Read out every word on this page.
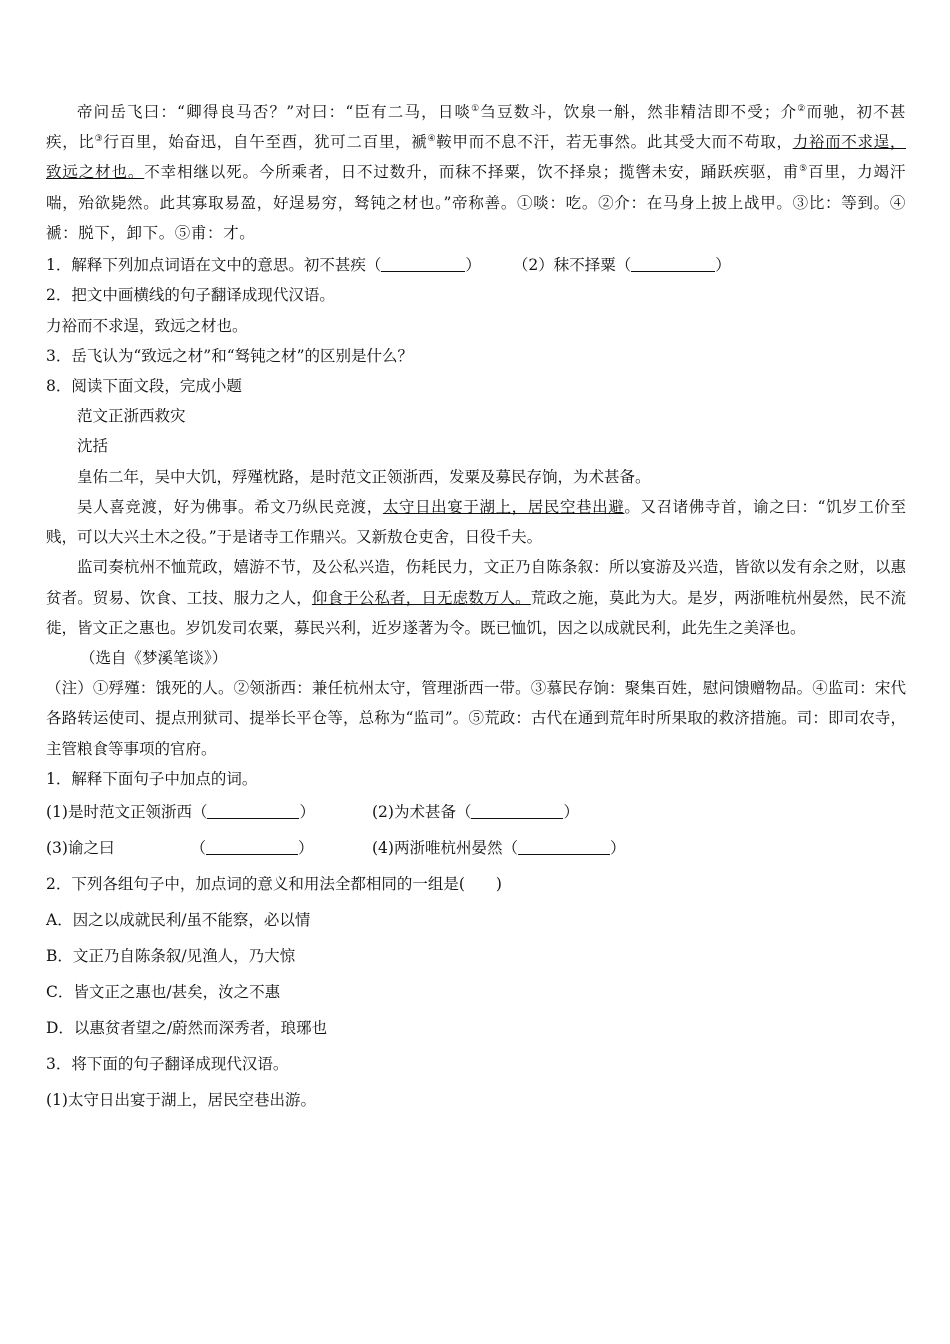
帝问岳飞曰：“卿得良马否？”对曰：“臣有二马，日啖①刍豆数斗，饮泉一斛，然非精洁即不受；介②而驰，初不甚疾，比③行百里，始奋迅，自午至酉，犹可二百里，褫④鞍甲而不息不汗，若无事然。此其受大而不苟取，力裕而不求逞，致远之材也。不幸相继以死。今所乘者，日不过数升，而秣不择粟，饮不择泉；揽辔未安，踊跃疾驱，甫⑤百里，力竭汗喘，殆欲毙然。此其寡取易盈，好逞易穷，驽钝之材也。”帝称善。①啖：吃。②介：在马身上披上战甲。③比：等到。④褫：脱下，卸下。⑤甫：才。

1．解释下列加点词语在文中的意思。初不甚疾（	） （2）秣不择粟（	）

2．把文中画横线的句子翻译成现代汉语。

力裕而不求逞，致远之材也。

3．岳飞认为“致远之材”和“驽钝之材”的区别是什么？

8．阅读下面文段，完成小题

范文正浙西救灾

沈括

皇佑二年，吴中大饥，殍殣枕路，是时范文正领浙西，发粟及募民存饷，为术甚备。

吴人喜竞渡，好为佛事。希文乃纵民竞渡，太守日出宴于湖上，居民空巷出避。又召诸佛寺首，谕之曰：“饥岁工价至贱，可以大兴土木之役。”于是诸寺工作鼎兴。又新敖仓吏舍，日役千夫。

监司奏杭州不恤荒政，嬉游不节，及公私兴造，伤耗民力，文正乃自陈条叙：所以宴游及兴造，皆欲以发有余之财，以惠贫者。贸易、饮食、工技、服力之人，仰食于公私者，日无虑数万人。荒政之施，莫此为大。是岁，两浙唯杭州晏然，民不流徙，皆文正之惠也。岁饥发司农粟，募民兴利，近岁遂著为令。既已恤饥，因之以成就民利，此先生之美泽也。

（选自《梦溪笔谈》）

（注）①殍殣：饿死的人。②领浙西：兼任杭州太守，管理浙西一带。③慕民存饷：聚集百姓，慰问馈赠物品。④监司：宋代各路转运使司、提点刑狱司、提举长平仓等，总称为“监司”。⑤荒政：古代在通到荒年时所果取的救济措施。司：即司农寺，主管粮食等事项的官府。

1．解释下面句子中加点的词。

(1)是时范文正领浙西（	）	(2)为术甚备（	）
(3)谕之曰	（	）	(4)两浙唯杭州晏然（	）

2．下列各组句子中，加点词的意义和用法全都相同的一组是(　　)

A．因之以成就民利/虽不能察，必以情

B．文正乃自陈条叙/见渔人，乃大惊

C．皆文正之惠也/甚矣，汝之不惠

D．以惠贫者望之/蔚然而深秀者，琅琊也

3．将下面的句子翻译成现代汉语。

(1)太守日出宴于湖上，居民空巷出游。
